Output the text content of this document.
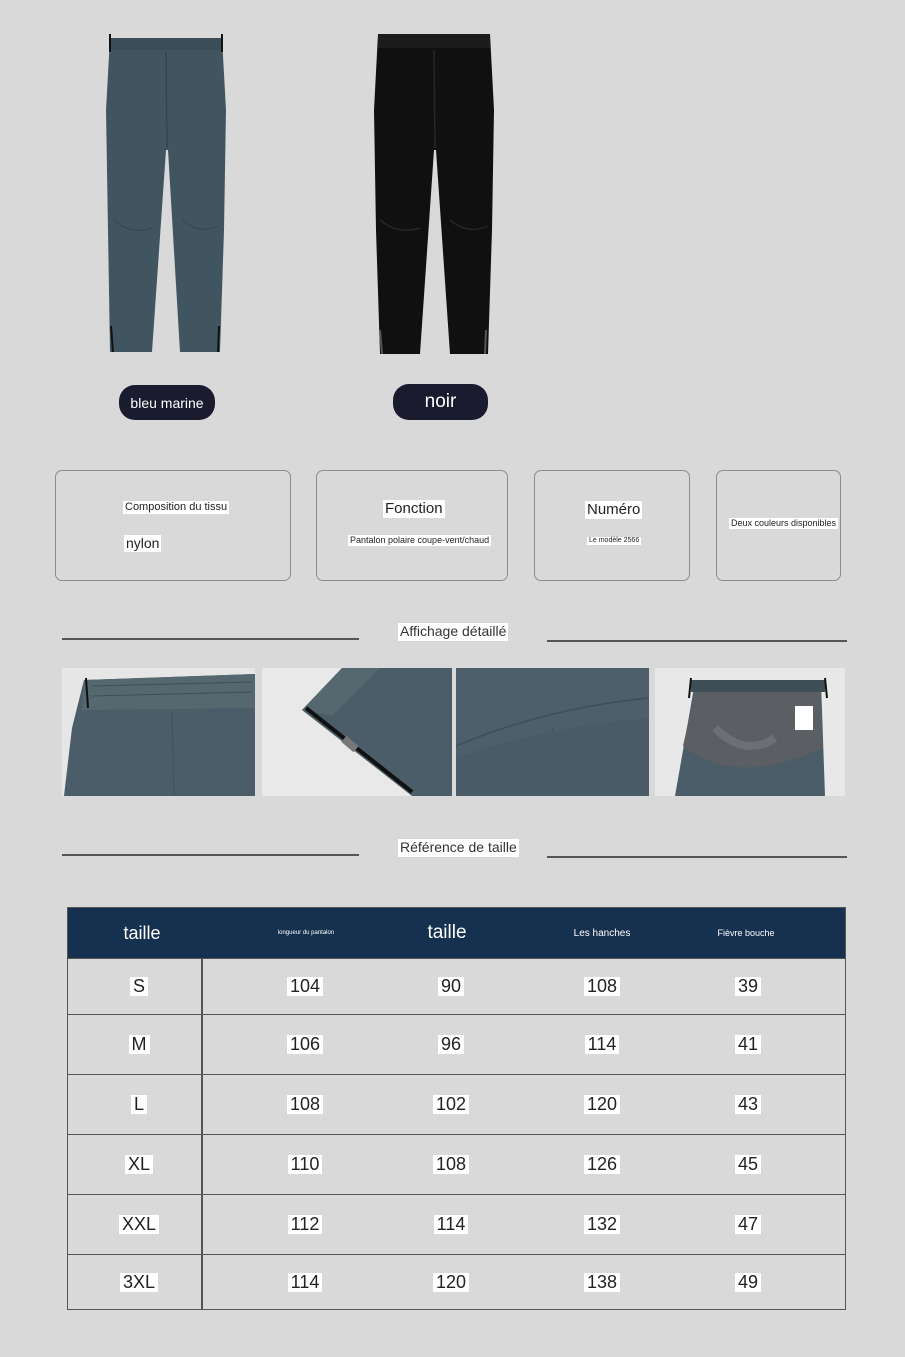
bleu marine	noir
Composition du tissu
nylon
Fonction
Pantalon polaire coupe-vent/chaud
Numéro
Le modèle 2566
Deux couleurs disponibles
Affichage détaillé
Référence de taille
taille	longueur du pantalon	taille	Les hanches	Fièvre bouche
S	104	90	108	39
M	106	96	114	41
L	108	102	120	43
XL	110	108	126	45
XXL	112	114	132	47
3XL	114	120	138	49
